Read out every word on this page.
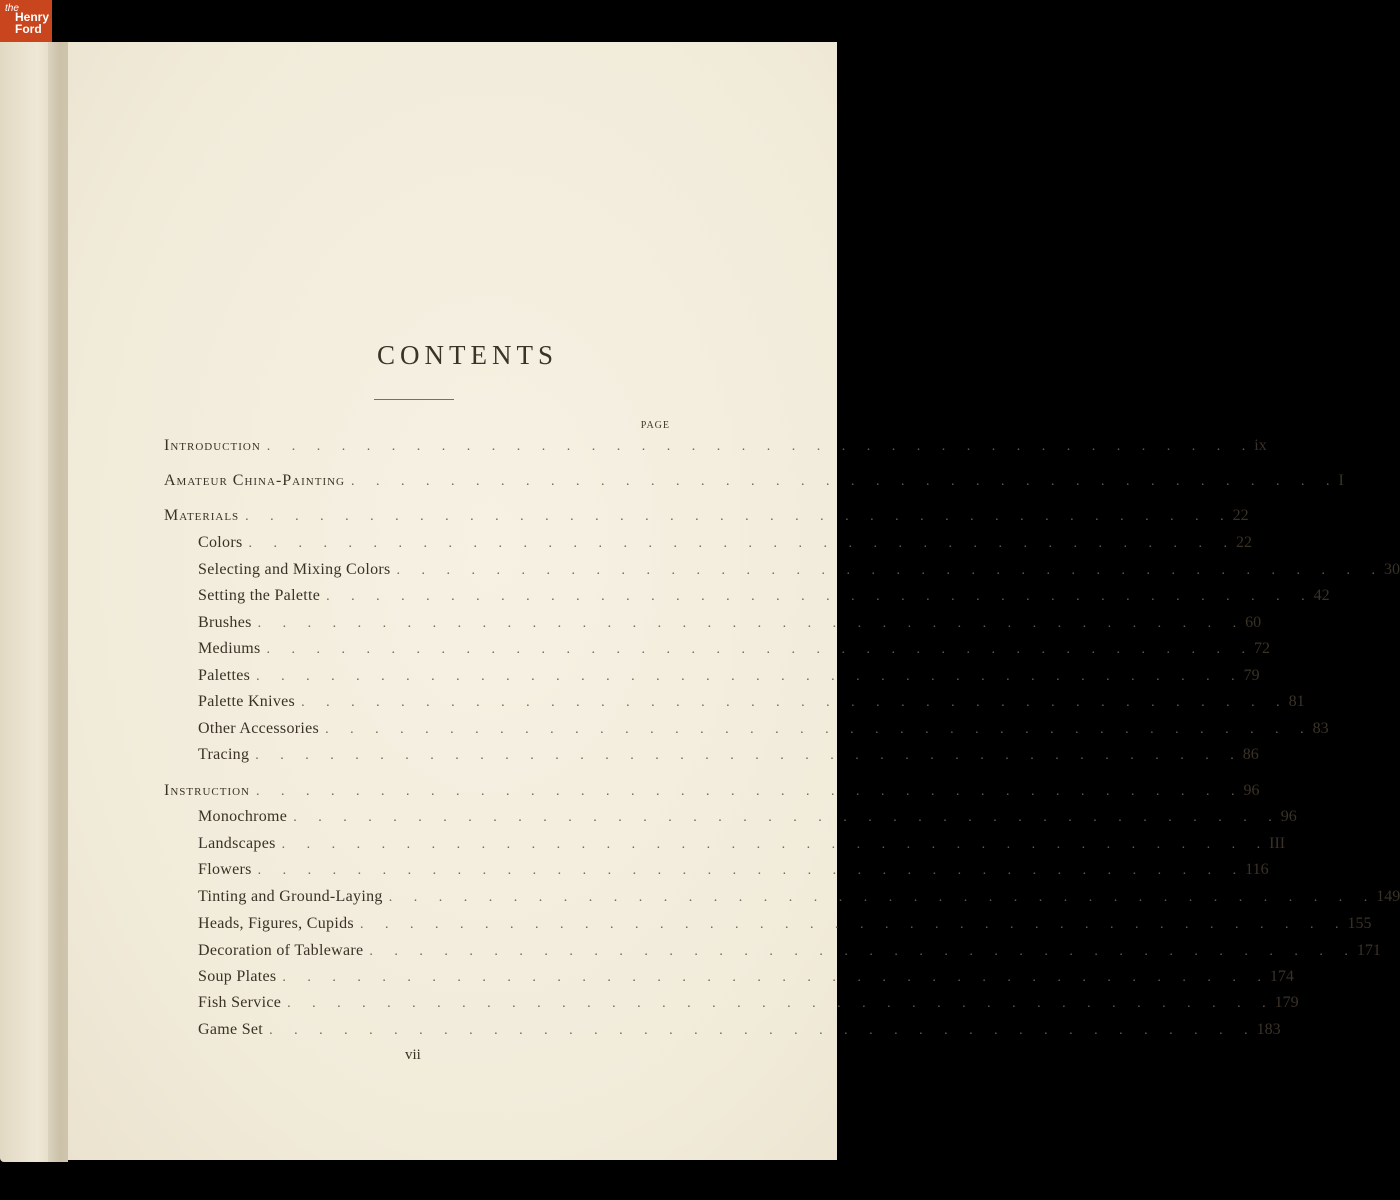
the
Henry
Ford
CONTENTS
PAGE
Introduction . . . . . . . . . . . . . . . . . . . . . . . . . . . . . . . . . . . . . . . . ix
Amateur China-Painting . . . . . . . . . . . . . . . . . . . . . . . . . . . . . . . . . . . . . . . . I
Materials . . . . . . . . . . . . . . . . . . . . . . . . . . . . . . . . . . . . . . . . 22
Colors . . . . . . . . . . . . . . . . . . . . . . . . . . . . . . . . . . . . . . . . 22
Selecting and Mixing Colors . . . . . . . . . . . . . . . . . . . . . . . . . . . . . . . . . . . . . . . . 30
Setting the Palette . . . . . . . . . . . . . . . . . . . . . . . . . . . . . . . . . . . . . . . . 42
Brushes . . . . . . . . . . . . . . . . . . . . . . . . . . . . . . . . . . . . . . . . 60
Mediums . . . . . . . . . . . . . . . . . . . . . . . . . . . . . . . . . . . . . . . . 72
Palettes . . . . . . . . . . . . . . . . . . . . . . . . . . . . . . . . . . . . . . . . 79
Palette Knives . . . . . . . . . . . . . . . . . . . . . . . . . . . . . . . . . . . . . . . . 81
Other Accessories . . . . . . . . . . . . . . . . . . . . . . . . . . . . . . . . . . . . . . . . 83
Tracing . . . . . . . . . . . . . . . . . . . . . . . . . . . . . . . . . . . . . . . . 86
Instruction . . . . . . . . . . . . . . . . . . . . . . . . . . . . . . . . . . . . . . . . 96
Monochrome . . . . . . . . . . . . . . . . . . . . . . . . . . . . . . . . . . . . . . . . 96
Landscapes . . . . . . . . . . . . . . . . . . . . . . . . . . . . . . . . . . . . . . . . III
Flowers . . . . . . . . . . . . . . . . . . . . . . . . . . . . . . . . . . . . . . . . 116
Tinting and Ground-Laying . . . . . . . . . . . . . . . . . . . . . . . . . . . . . . . . . . . . . . . . 149
Heads, Figures, Cupids . . . . . . . . . . . . . . . . . . . . . . . . . . . . . . . . . . . . . . . . 155
Decoration of Tableware . . . . . . . . . . . . . . . . . . . . . . . . . . . . . . . . . . . . . . . . 171
Soup Plates . . . . . . . . . . . . . . . . . . . . . . . . . . . . . . . . . . . . . . . . 174
Fish Service . . . . . . . . . . . . . . . . . . . . . . . . . . . . . . . . . . . . . . . . 179
Game Set . . . . . . . . . . . . . . . . . . . . . . . . . . . . . . . . . . . . . . . . 183
vii
